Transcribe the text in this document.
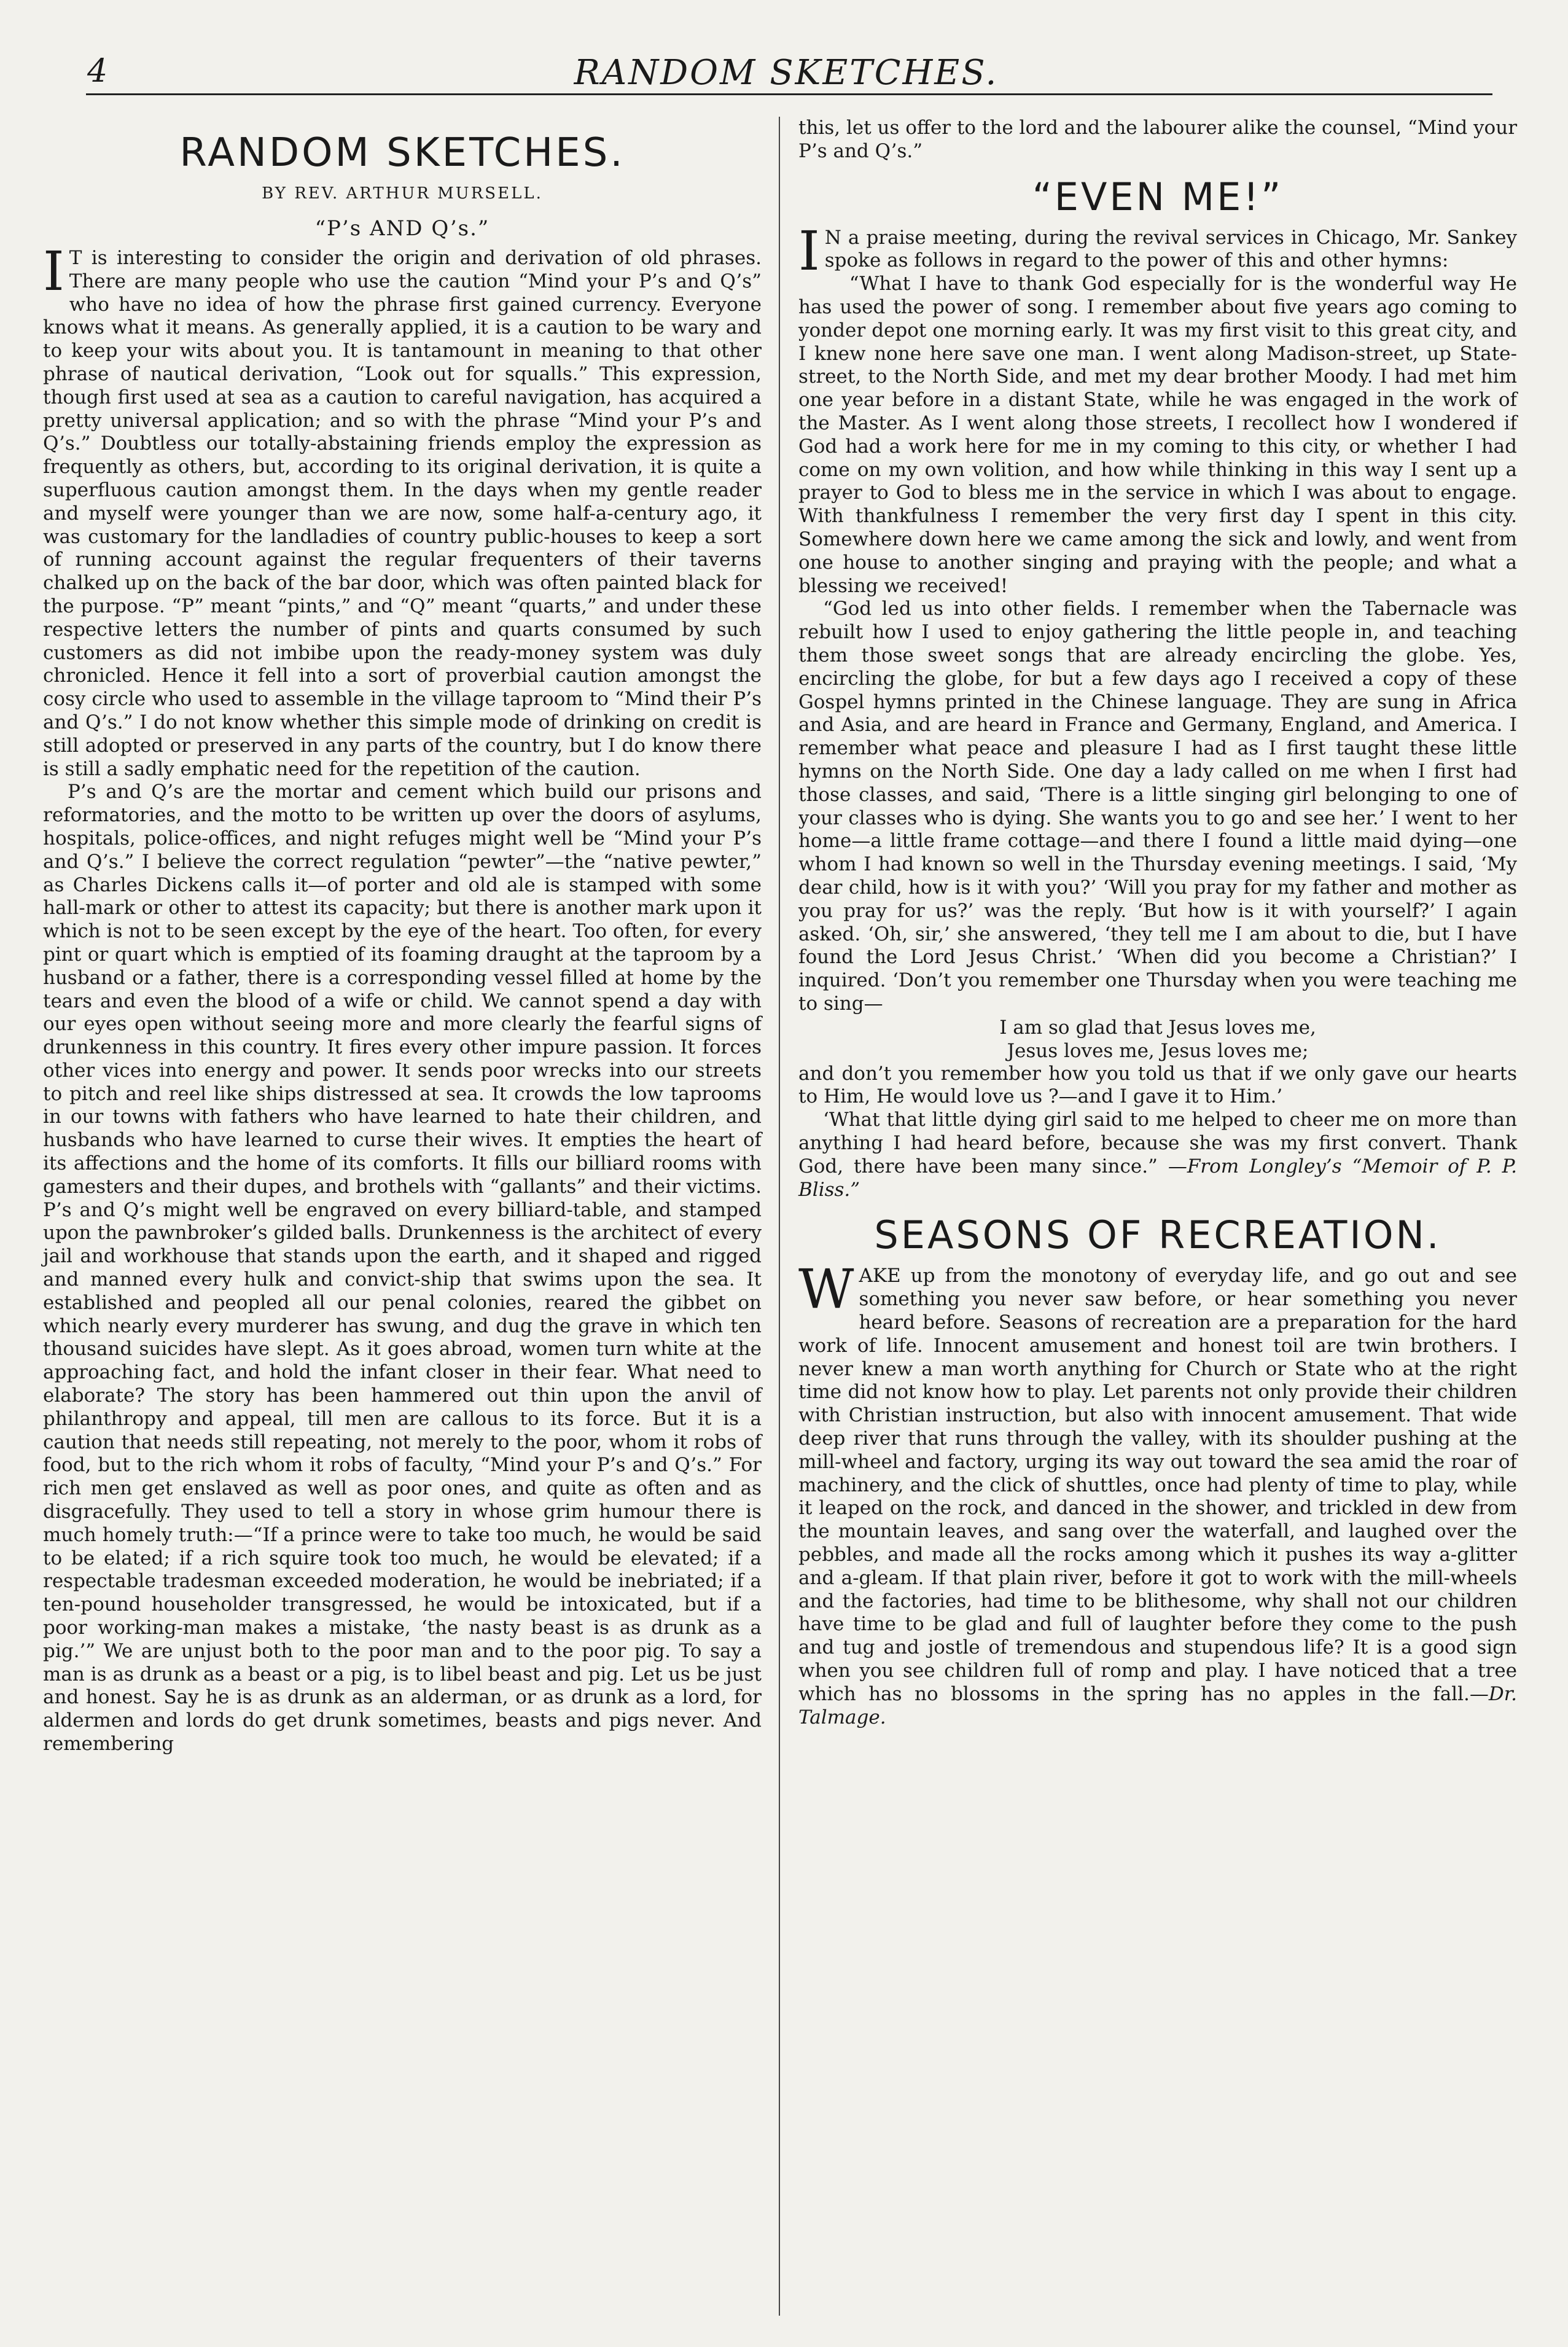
4	RANDOM SKETCHES.
RANDOM SKETCHES.
BY REV. ARTHUR MURSELL.
“P’s AND Q’s.”

I T is interesting to consider the origin and derivation of old phrases. There are many people who use the caution “Mind your P’s and Q’s” who have no idea of how the phrase first gained currency. Everyone knows what it means. As generally applied, it is a caution to be wary and to keep your wits about you. It is tantamount in meaning to that other phrase of nautical derivation, “Look out for squalls.” This expression, though first used at sea as a caution to careful navigation, has acquired a pretty universal application; and so with the phrase “Mind your P’s and Q’s.” Doubtless our totally-abstaining friends employ the expression as frequently as others, but, according to its original derivation, it is quite a superfluous caution amongst them. In the days when my gentle reader and myself were younger than we are now, some half-a-century ago, it was customary for the landladies of country public-houses to keep a sort of running account against the regular frequenters of their taverns chalked up on the back of the bar door, which was often painted black for the purpose. “P” meant “pints,” and “Q” meant “quarts,” and under these respective letters the number of pints and quarts consumed by such customers as did not imbibe upon the ready-money system was duly chronicled. Hence it fell into a sort of proverbial caution amongst the cosy circle who used to assemble in the village taproom to “Mind their P’s and Q’s.” I do not know whether this simple mode of drinking on credit is still adopted or preserved in any parts of the country, but I do know there is still a sadly emphatic need for the repetition of the caution.

P’s and Q’s are the mortar and cement which build our prisons and reformatories, and the motto to be written up over the doors of asylums, hospitals, police-offices, and night refuges might well be “Mind your P’s and Q’s.” I believe the correct regulation “pewter”—the “native pewter,” as Charles Dickens calls it—of porter and old ale is stamped with some hall-mark or other to attest its capacity; but there is another mark upon it which is not to be seen except by the eye of the heart. Too often, for every pint or quart which is emptied of its foaming draught at the taproom by a husband or a father, there is a corresponding vessel filled at home by the tears and even the blood of a wife or child. We cannot spend a day with our eyes open without seeing more and more clearly the fearful signs of drunkenness in this country. It fires every other impure passion. It forces other vices into energy and power. It sends poor wrecks into our streets to pitch and reel like ships distressed at sea. It crowds the low taprooms in our towns with fathers who have learned to hate their children, and husbands who have learned to curse their wives. It empties the heart of its affections and the home of its comforts. It fills our billiard rooms with gamesters and their dupes, and brothels with “gallants” and their victims. P’s and Q’s might well be engraved on every billiard-table, and stamped upon the pawnbroker’s gilded balls. Drunkenness is the architect of every jail and workhouse that stands upon the earth, and it shaped and rigged and manned every hulk and convict-ship that swims upon the sea. It established and peopled all our penal colonies, reared the gibbet on which nearly every murderer has swung, and dug the grave in which ten thousand suicides have slept. As it goes abroad, women turn white at the approaching fact, and hold the infant closer in their fear. What need to elaborate? The story has been hammered out thin upon the anvil of philanthropy and appeal, till men are callous to its force. But it is a caution that needs still repeating, not merely to the poor, whom it robs of food, but to the rich whom it robs of faculty, “Mind your P’s and Q’s.” For rich men get enslaved as well as poor ones, and quite as often and as disgracefully. They used to tell a story in whose grim humour there is much homely truth:—“If a prince were to take too much, he would be said to be elated; if a rich squire took too much, he would be elevated; if a respectable tradesman exceeded moderation, he would be inebriated; if a ten-pound householder transgressed, he would be intoxicated, but if a poor working-man makes a mistake, ‘the nasty beast is as drunk as a pig.’” We are unjust both to the poor man and to the poor pig. To say a man is as drunk as a beast or a pig, is to libel beast and pig. Let us be just and honest. Say he is as drunk as an alderman, or as drunk as a lord, for aldermen and lords do get drunk sometimes, beasts and pigs never. And remembering

this, let us offer to the lord and the labourer alike the counsel, “Mind your P’s and Q’s.”

“EVEN ME!”

I N a praise meeting, during the revival services in Chicago, Mr. Sankey spoke as follows in regard to the power of this and other hymns:

“What I have to thank God especially for is the wonderful way He has used the power of song. I remember about five years ago coming to yonder depot one morning early. It was my first visit to this great city, and I knew none here save one man. I went along Madison-street, up State-street, to the North Side, and met my dear brother Moody. I had met him one year before in a distant State, while he was engaged in the work of the Master. As I went along those streets, I recollect how I wondered if God had a work here for me in my coming to this city, or whether I had come on my own volition, and how while thinking in this way I sent up a prayer to God to bless me in the service in which I was about to engage. With thankfulness I remember the very first day I spent in this city. Somewhere down here we came among the sick and lowly, and went from one house to another singing and praying with the people; and what a blessing we received!

“God led us into other fields. I remember when the Tabernacle was rebuilt how I used to enjoy gathering the little people in, and teaching them those sweet songs that are already encircling the globe. Yes, encircling the globe, for but a few days ago I received a copy of these Gospel hymns printed in the Chinese language. They are sung in Africa and Asia, and are heard in France and Germany, England, and America. I remember what peace and pleasure I had as I first taught these little hymns on the North Side. One day a lady called on me when I first had those classes, and said, ‘There is a little singing girl belonging to one of your classes who is dying. She wants you to go and see her.’ I went to her home—a little frame cottage—and there I found a little maid dying—one whom I had known so well in the Thursday evening meetings. I said, ‘My dear child, how is it with you?’ ‘Will you pray for my father and mother as you pray for us?’ was the reply. ‘But how is it with yourself?’ I again asked. ‘Oh, sir,’ she answered, ‘they tell me I am about to die, but I have found the Lord Jesus Christ.’ ‘When did you become a Christian?’ I inquired. ‘Don’t you remember one Thursday when you were teaching me to sing—

I am so glad that Jesus loves me,
Jesus loves me, Jesus loves me;

and don’t you remember how you told us that if we only gave our hearts to Him, He would love us ?—and I gave it to Him.’

‘What that little dying girl said to me helped to cheer me on more than anything I had heard before, because she was my first convert. Thank God, there have been many since.” —From Longley’s “Memoir of P. P. Bliss.”

SEASONS OF RECREATION.

WAKE up from the monotony of everyday life, and go out and see something you never saw before, or hear something you never heard before. Seasons of recreation are a preparation for the hard work of life. Innocent amusement and honest toil are twin brothers. I never knew a man worth anything for Church or State who at the right time did not know how to play. Let parents not only provide their children with Christian instruction, but also with innocent amusement. That wide deep river that runs through the valley, with its shoulder pushing at the mill-wheel and factory, urging its way out toward the sea amid the roar of machinery, and the click of shuttles, once had plenty of time to play, while it leaped on the rock, and danced in the shower, and trickled in dew from the mountain leaves, and sang over the waterfall, and laughed over the pebbles, and made all the rocks among which it pushes its way a-glitter and a-gleam. If that plain river, before it got to work with the mill-wheels and the factories, had time to be blithesome, why shall not our children have time to be glad and full of laughter before they come to the push and tug and jostle of tremendous and stupendous life? It is a good sign when you see children full of romp and play. I have noticed that a tree which has no blossoms in the spring has no apples in the fall.—Dr. Talmage.
